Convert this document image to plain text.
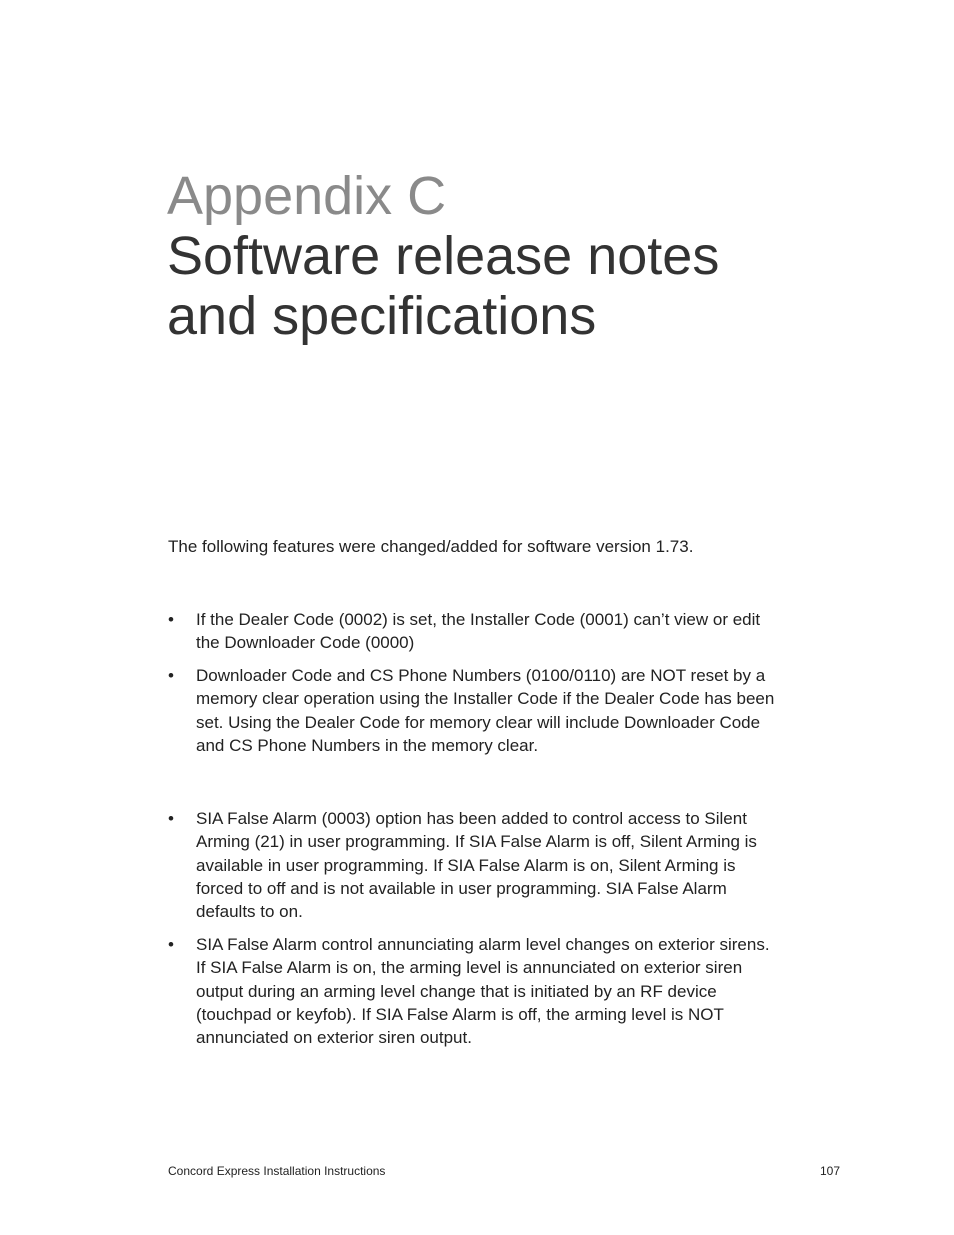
Appendix C
Software release notes
and specifications
The following features were changed/added for software version 1.73.
•	If the Dealer Code (0002) is set, the Installer Code (0001) can’t view or edit
the Downloader Code (0000)
•	Downloader Code and CS Phone Numbers (0100/0110) are NOT reset by a
memory clear operation using the Installer Code if the Dealer Code has been
set. Using the Dealer Code for memory clear will include Downloader Code
and CS Phone Numbers in the memory clear.
•	SIA False Alarm (0003) option has been added to control access to Silent
Arming (21) in user programming. If SIA False Alarm is off, Silent Arming is
available in user programming. If SIA False Alarm is on, Silent Arming is
forced to off and is not available in user programming. SIA False Alarm
defaults to on.
•	SIA False Alarm control annunciating alarm level changes on exterior sirens.
If SIA False Alarm is on, the arming level is annunciated on exterior siren
output during an arming level change that is initiated by an RF device
(touchpad or keyfob). If SIA False Alarm is off, the arming level is NOT
annunciated on exterior siren output.
Concord Express Installation Instructions	107
